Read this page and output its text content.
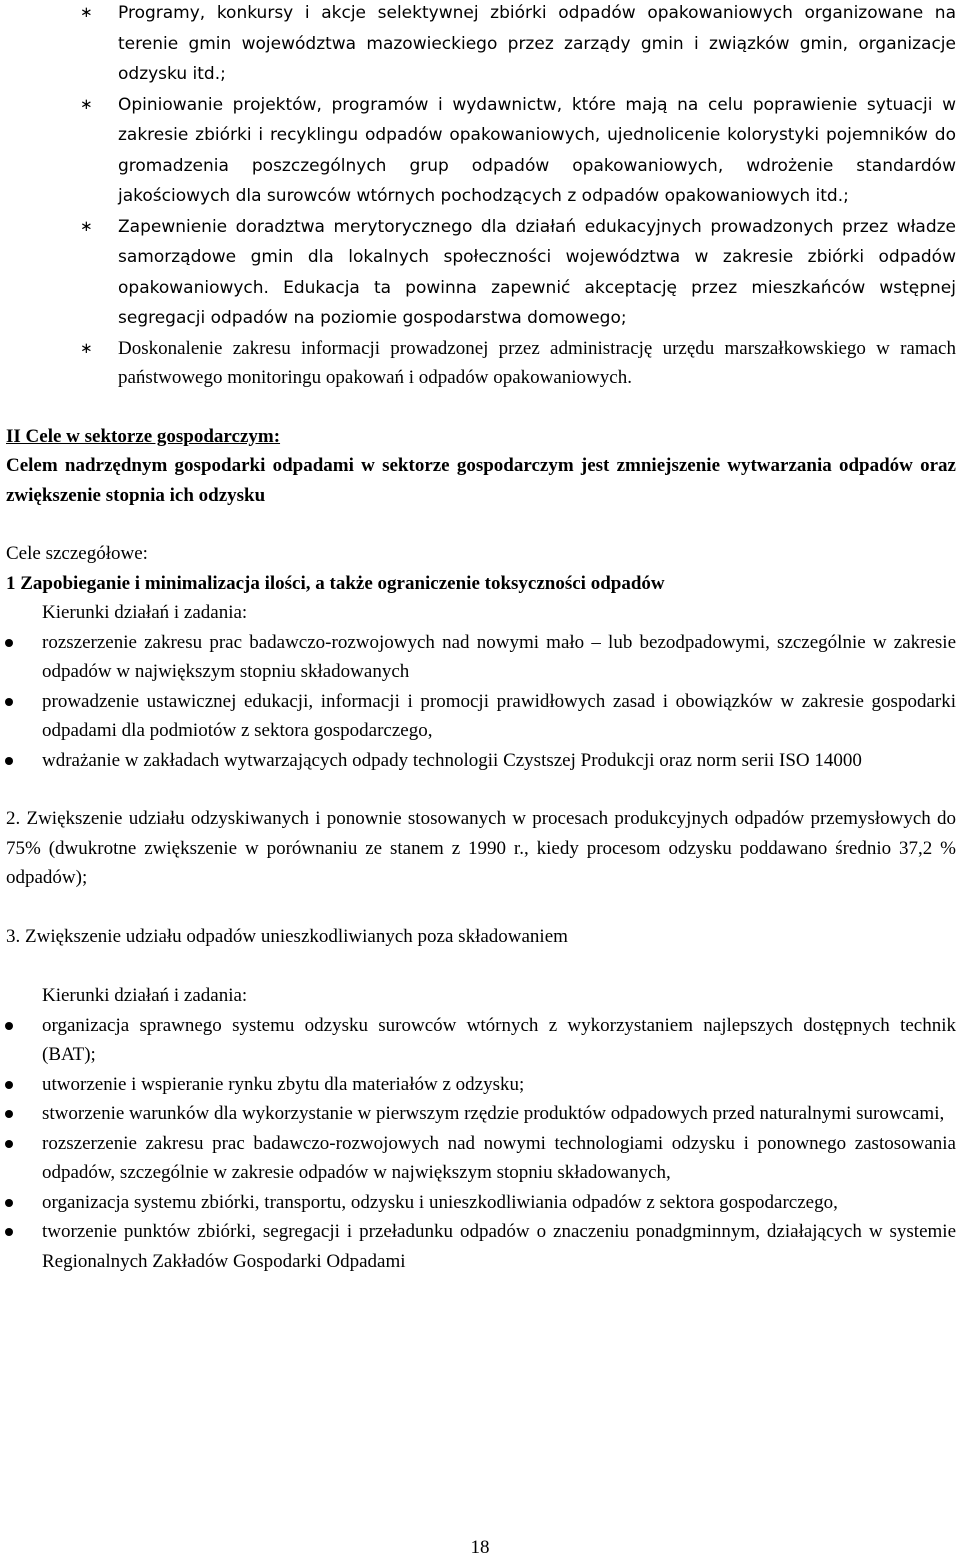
∗ Programy, konkursy i akcje selektywnej zbiórki odpadów opakowaniowych organizowane na terenie gmin województwa mazowieckiego przez zarządy gmin i związków gmin, organizacje odzysku itd.;
∗ Opiniowanie projektów, programów i wydawnictw, które mają na celu poprawienie sytuacji w zakresie zbiórki i recyklingu odpadów opakowaniowych, ujednolicenie kolorystyki pojemników do gromadzenia poszczególnych grup odpadów opakowaniowych, wdrożenie standardów jakościowych dla surowców wtórnych pochodzących z odpadów opakowaniowych itd.;
∗ Zapewnienie doradztwa merytorycznego dla działań edukacyjnych prowadzonych przez władze samorządowe gmin dla lokalnych społeczności województwa w zakresie zbiórki odpadów opakowaniowych. Edukacja ta powinna zapewnić akceptację przez mieszkańców wstępnej segregacji odpadów na poziomie gospodarstwa domowego;
∗ Doskonalenie zakresu informacji prowadzonej przez administrację urzędu marszałkowskiego w ramach państwowego monitoringu opakowań i odpadów opakowaniowych.
II Cele w sektorze gospodarczym:
Celem nadrzędnym gospodarki odpadami w sektorze gospodarczym jest zmniejszenie wytwarzania odpadów oraz zwiększenie stopnia ich odzysku
Cele szczegółowe:
1 Zapobieganie i minimalizacja ilości, a także ograniczenie toksyczności odpadów
Kierunki działań i zadania:
rozszerzenie zakresu prac badawczo-rozwojowych nad nowymi mało – lub bezodpadowymi, szczególnie w zakresie odpadów w największym stopniu składowanych
prowadzenie ustawicznej edukacji, informacji i promocji prawidłowych zasad i obowiązków w zakresie gospodarki odpadami dla podmiotów z sektora gospodarczego,
wdrażanie w zakładach wytwarzających odpady technologii Czystszej Produkcji oraz norm serii ISO 14000
2. Zwiększenie udziału odzyskiwanych i ponownie stosowanych w procesach produkcyjnych odpadów przemysłowych do 75% (dwukrotne zwiększenie w porównaniu ze stanem z 1990 r., kiedy procesom odzysku poddawano średnio 37,2 % odpadów);
3. Zwiększenie udziału odpadów unieszkodliwianych poza składowaniem
Kierunki działań i zadania:
organizacja sprawnego systemu odzysku surowców wtórnych z wykorzystaniem najlepszych dostępnych technik (BAT);
utworzenie i wspieranie rynku zbytu dla materiałów z odzysku;
stworzenie warunków dla wykorzystanie w pierwszym rzędzie produktów odpadowych przed naturalnymi surowcami,
rozszerzenie zakresu prac badawczo-rozwojowych nad nowymi technologiami odzysku i ponownego zastosowania odpadów, szczególnie w zakresie odpadów w największym stopniu składowanych,
organizacja systemu zbiórki, transportu, odzysku i unieszkodliwiania odpadów z sektora gospodarczego,
tworzenie punktów zbiórki, segregacji i przeładunku odpadów o znaczeniu ponadgminnym, działających w systemie Regionalnych Zakładów Gospodarki Odpadami
18
